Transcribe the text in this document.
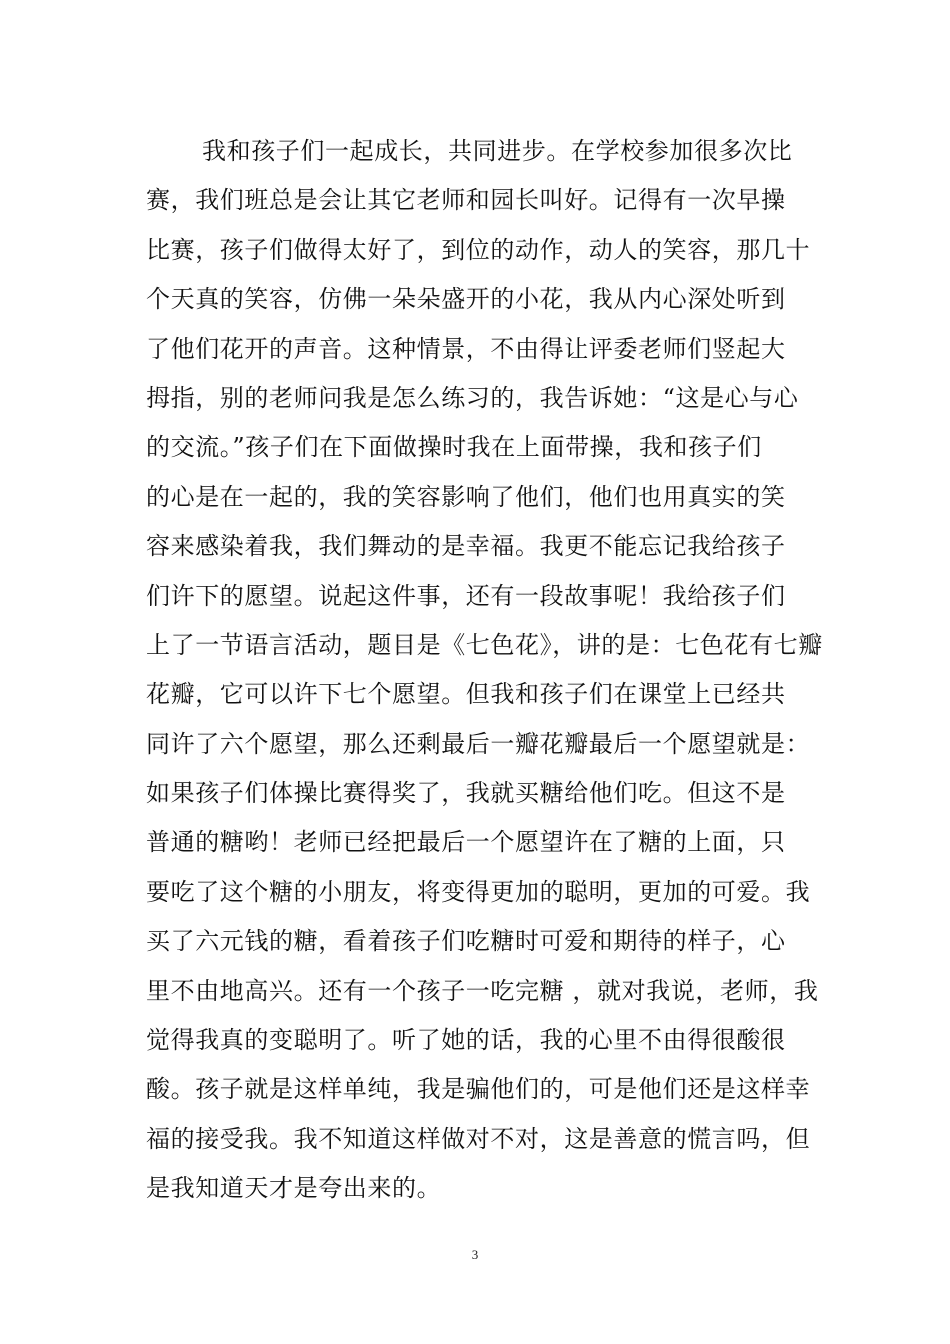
我和孩子们一起成长，共同进步。在学校参加很多次比
赛，我们班总是会让其它老师和园长叫好。记得有一次早操
比赛，孩子们做得太好了，到位的动作，动人的笑容，那几十
个天真的笑容，仿佛一朵朵盛开的小花，我从内心深处听到
了他们花开的声音。这种情景，不由得让评委老师们竖起大
拇指，别的老师问我是怎么练习的，我告诉她：“这是心与心
的交流。”孩子们在下面做操时我在上面带操，我和孩子们
的心是在一起的，我的笑容影响了他们，他们也用真实的笑
容来感染着我，我们舞动的是幸福。我更不能忘记我给孩子
们许下的愿望。说起这件事，还有一段故事呢！我给孩子们
上了一节语言活动，题目是《七色花》，讲的是：七色花有七瓣
花瓣，它可以许下七个愿望。但我和孩子们在课堂上已经共
同许了六个愿望，那么还剩最后一瓣花瓣最后一个愿望就是：
如果孩子们体操比赛得奖了，我就买糖给他们吃。但这不是
普通的糖哟！老师已经把最后一个愿望许在了糖的上面，只
要吃了这个糖的小朋友，将变得更加的聪明，更加的可爱。我
买了六元钱的糖，看着孩子们吃糖时可爱和期待的样子，心
里不由地高兴。还有一个孩子一吃完糖 ，就对我说，老师，我
觉得我真的变聪明了。听了她的话，我的心里不由得很酸很
酸。孩子就是这样单纯，我是骗他们的，可是他们还是这样幸
福的接受我。我不知道这样做对不对，这是善意的慌言吗，但
是我知道天才是夸出来的。
3
